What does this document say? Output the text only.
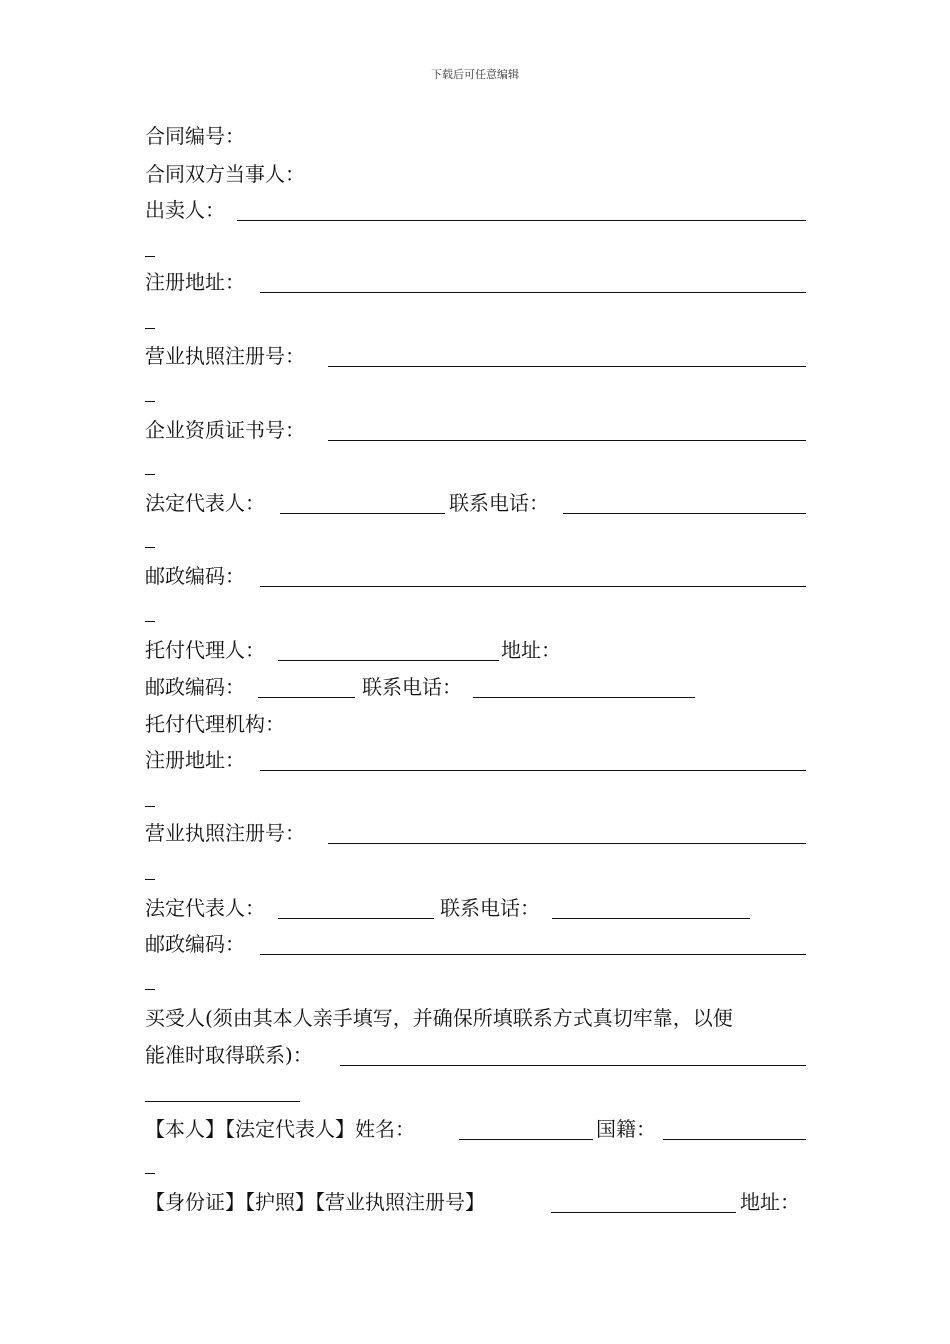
下载后可任意编辑
合同编号：
合同双方当事人：
出卖人：
注册地址：
营业执照注册号：
企业资质证书号：
法定代表人：	联系电话：
邮政编码：
托付代理人：	地址：
邮政编码：	联系电话：
托付代理机构：
注册地址：
营业执照注册号：
法定代表人：	联系电话：
邮政编码：
买受人(须由其本人亲手填写，并确保所填联系方式真切牢靠，以便
能准时取得联系)：
【本人】【法定代表人】姓名：	国籍：
【身份证】【护照】【营业执照注册号】	地址：
